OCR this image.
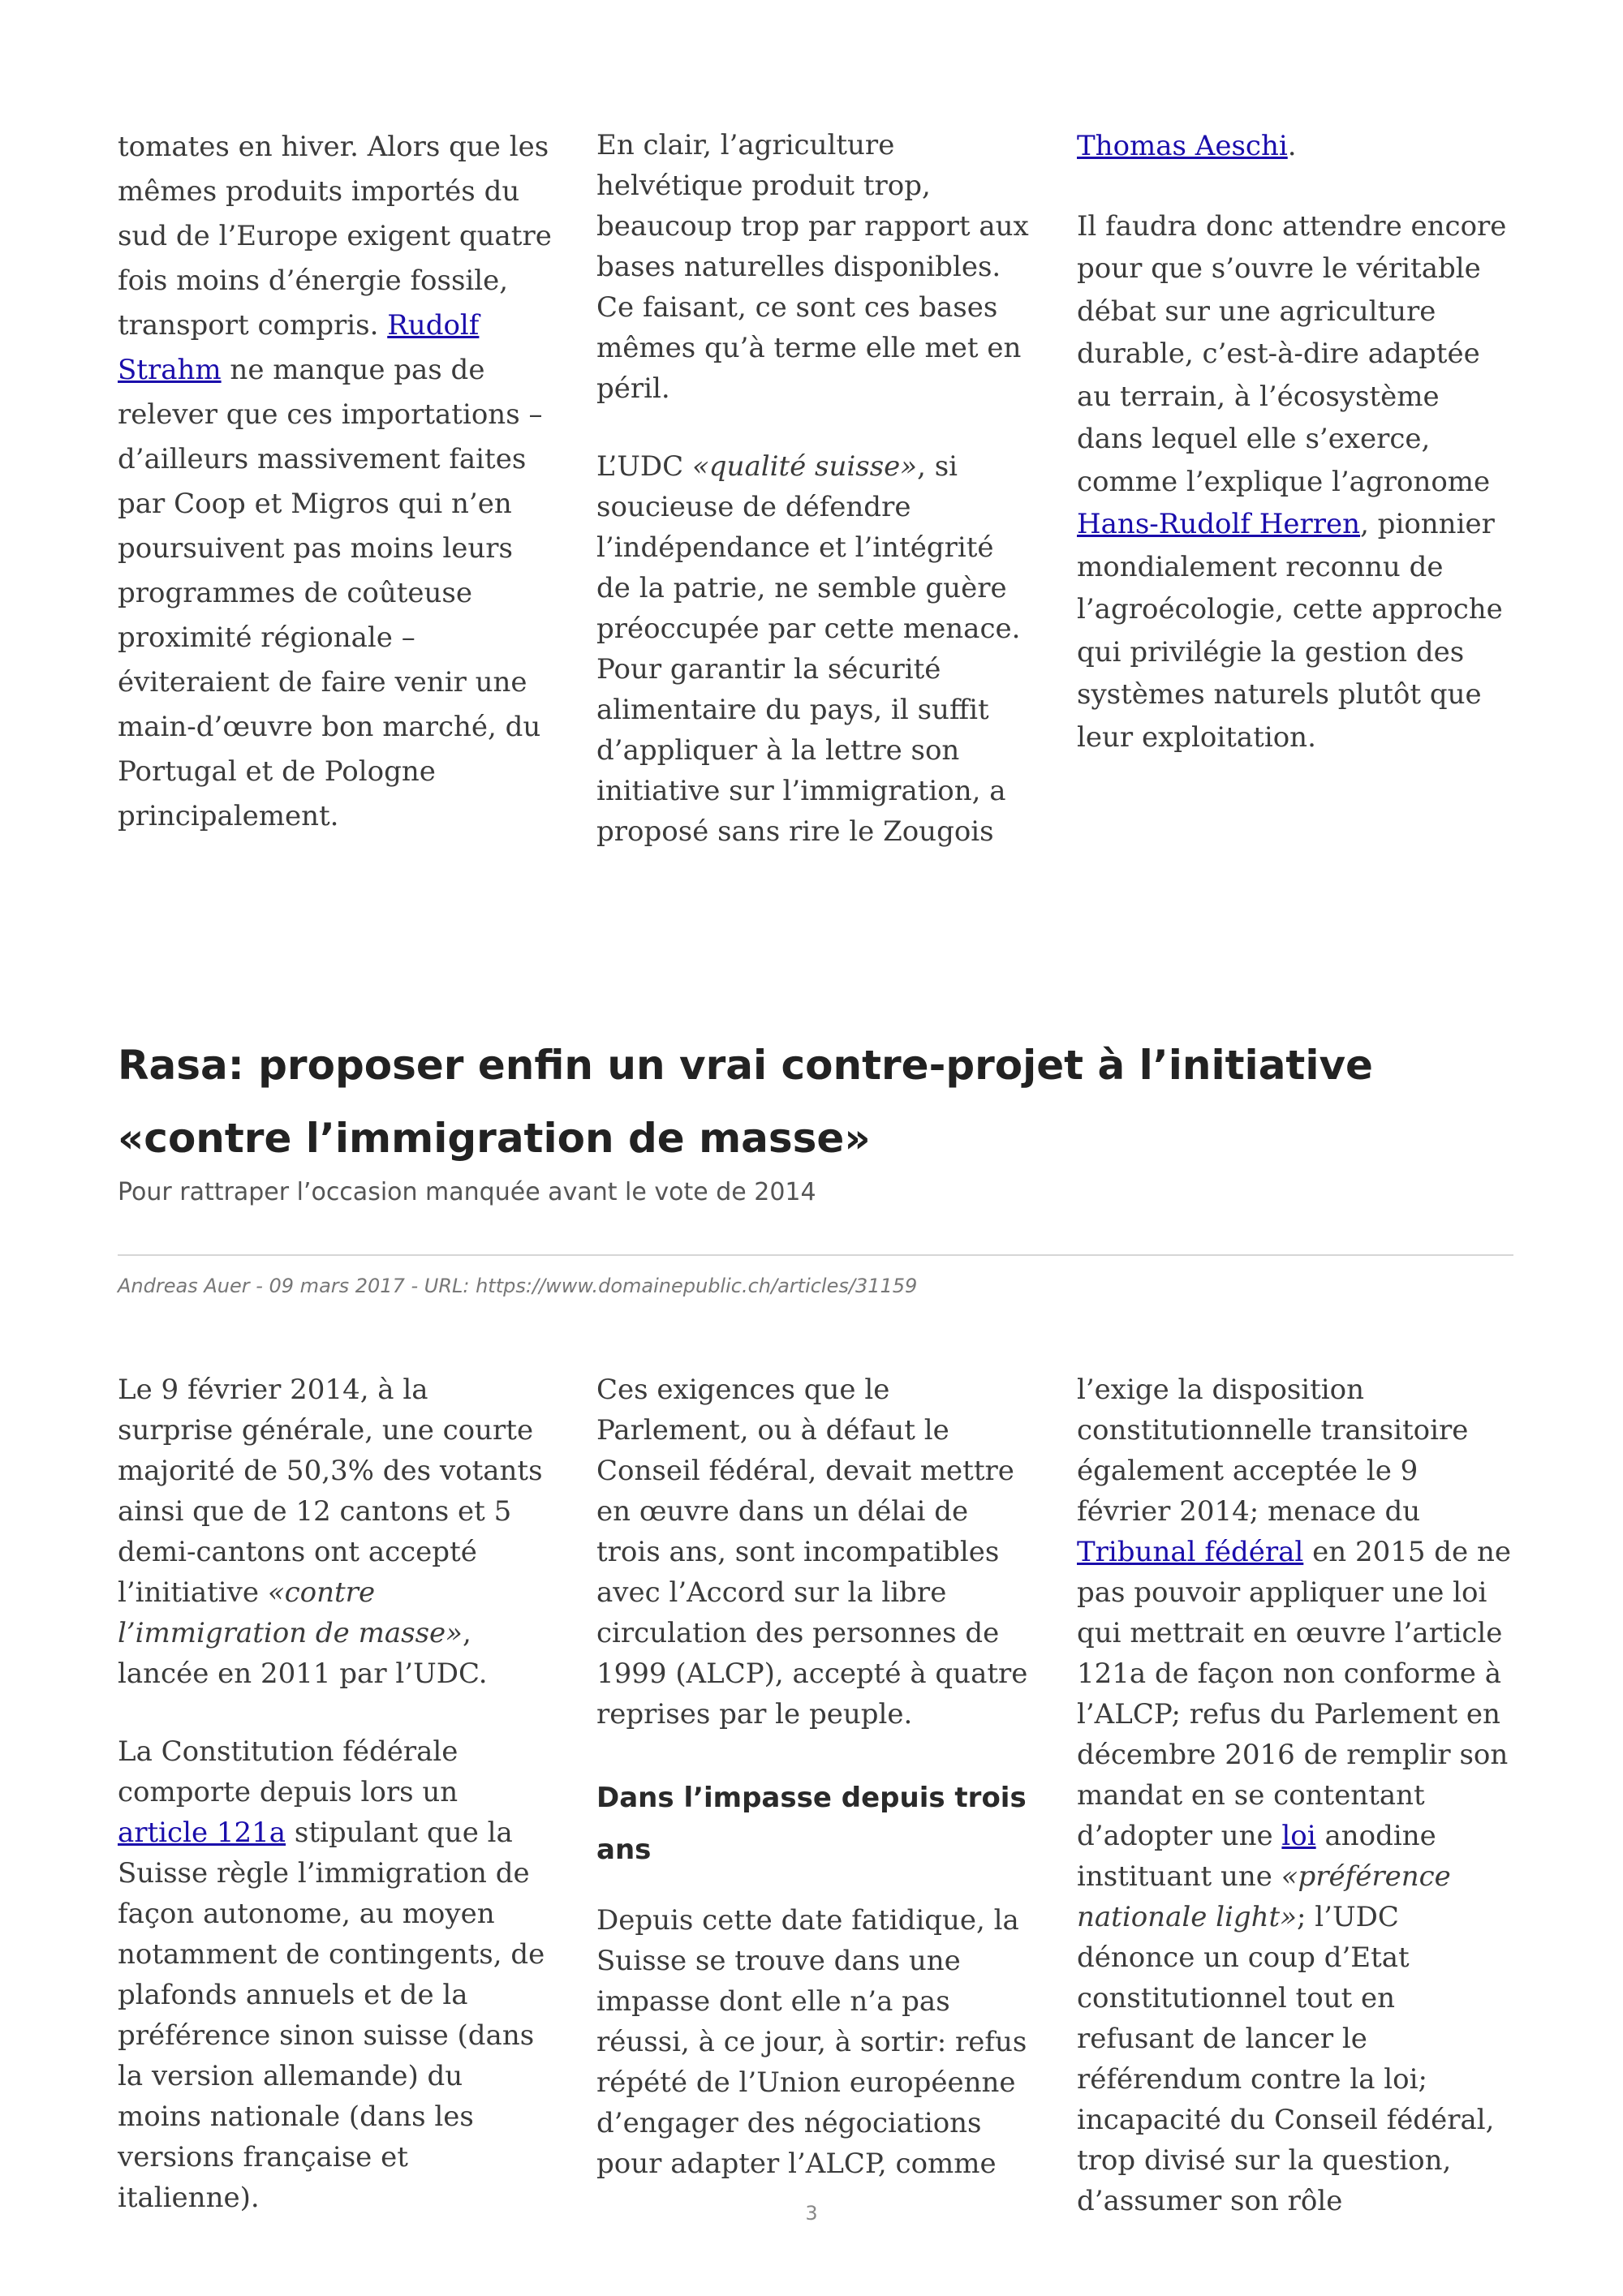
tomates en hiver. Alors que les mêmes produits importés du sud de l’Europe exigent quatre fois moins d’énergie fossile, transport compris. Rudolf Strahm ne manque pas de relever que ces importations – d’ailleurs massivement faites par Coop et Migros qui n’en poursuivent pas moins leurs programmes de coûteuse proximité régionale – éviteraient de faire venir une main-d’œuvre bon marché, du Portugal et de Pologne principalement.

En clair, l’agriculture helvétique produit trop, beaucoup trop par rapport aux bases naturelles disponibles. Ce faisant, ce sont ces bases mêmes qu’à terme elle met en péril.

L’UDC «qualité suisse», si soucieuse de défendre l’indépendance et l’intégrité de la patrie, ne semble guère préoccupée par cette menace. Pour garantir la sécurité alimentaire du pays, il suffit d’appliquer à la lettre son initiative sur l’immigration, a proposé sans rire le Zougois

Thomas Aeschi.

Il faudra donc attendre encore pour que s’ouvre le véritable débat sur une agriculture durable, c’est-à-dire adaptée au terrain, à l’écosystème dans lequel elle s’exerce, comme l’explique l’agronome Hans-Rudolf Herren, pionnier mondialement reconnu de l’agroécologie, cette approche qui privilégie la gestion des systèmes naturels plutôt que leur exploitation.

Rasa: proposer enfin un vrai contre-projet à l’initiative «contre l’immigration de masse»

Pour rattraper l’occasion manquée avant le vote de 2014

Andreas Auer - 09 mars 2017 - URL: https://www.domainepublic.ch/articles/31159

Le 9 février 2014, à la surprise générale, une courte majorité de 50,3% des votants ainsi que de 12 cantons et 5 demi-cantons ont accepté l’initiative «contre l’immigration de masse», lancée en 2011 par l’UDC.

La Constitution fédérale comporte depuis lors un article 121a stipulant que la Suisse règle l’immigration de façon autonome, au moyen notamment de contingents, de plafonds annuels et de la préférence sinon suisse (dans la version allemande) du moins nationale (dans les versions française et italienne).

Ces exigences que le Parlement, ou à défaut le Conseil fédéral, devait mettre en œuvre dans un délai de trois ans, sont incompatibles avec l’Accord sur la libre circulation des personnes de 1999 (ALCP), accepté à quatre reprises par le peuple.

Dans l’impasse depuis trois ans

Depuis cette date fatidique, la Suisse se trouve dans une impasse dont elle n’a pas réussi, à ce jour, à sortir: refus répété de l’Union européenne d’engager des négociations pour adapter l’ALCP, comme

l’exige la disposition constitutionnelle transitoire également acceptée le 9 février 2014; menace du Tribunal fédéral en 2015 de ne pas pouvoir appliquer une loi qui mettrait en œuvre l’article 121a de façon non conforme à l’ALCP; refus du Parlement en décembre 2016 de remplir son mandat en se contentant d’adopter une loi anodine instituant une «préférence nationale light»; l’UDC dénonce un coup d’Etat constitutionnel tout en refusant de lancer le référendum contre la loi; incapacité du Conseil fédéral, trop divisé sur la question, d’assumer son rôle

3
